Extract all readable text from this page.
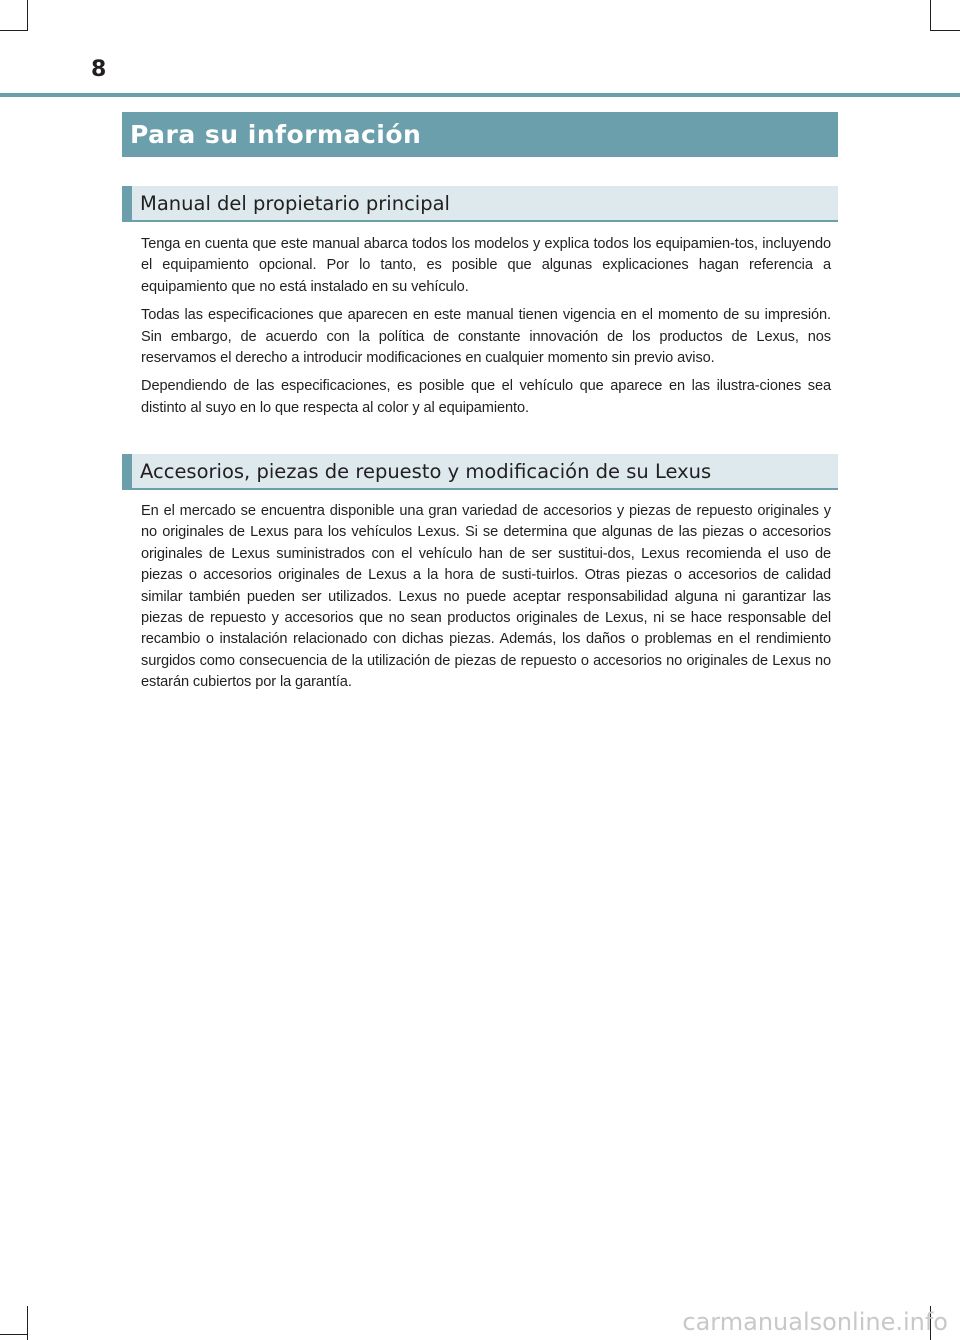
8
Para su información
Manual del propietario principal

Tenga en cuenta que este manual abarca todos los modelos y explica todos los equipamien-tos, incluyendo el equipamiento opcional. Por lo tanto, es posible que algunas explicaciones hagan referencia a equipamiento que no está instalado en su vehículo.

Todas las especificaciones que aparecen en este manual tienen vigencia en el momento de su impresión. Sin embargo, de acuerdo con la política de constante innovación de los productos de Lexus, nos reservamos el derecho a introducir modificaciones en cualquier momento sin previo aviso.

Dependiendo de las especificaciones, es posible que el vehículo que aparece en las ilustra-ciones sea distinto al suyo en lo que respecta al color y al equipamiento.

Accesorios, piezas de repuesto y modificación de su Lexus

En el mercado se encuentra disponible una gran variedad de accesorios y piezas de repuesto originales y no originales de Lexus para los vehículos Lexus. Si se determina que algunas de las piezas o accesorios originales de Lexus suministrados con el vehículo han de ser sustitui-dos, Lexus recomienda el uso de piezas o accesorios originales de Lexus a la hora de susti-tuirlos. Otras piezas o accesorios de calidad similar también pueden ser utilizados. Lexus no puede aceptar responsabilidad alguna ni garantizar las piezas de repuesto y accesorios que no sean productos originales de Lexus, ni se hace responsable del recambio o instalación relacionado con dichas piezas. Además, los daños o problemas en el rendimiento surgidos como consecuencia de la utilización de piezas de repuesto o accesorios no originales de Lexus no estarán cubiertos por la garantía.

carmanualsonline.info
